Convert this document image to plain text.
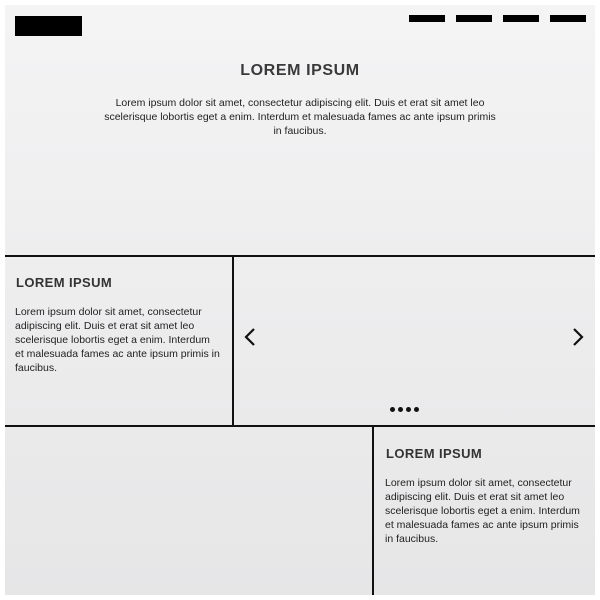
LOREM IPSUM

Lorem ipsum dolor sit amet, consectetur adipiscing elit. Duis et erat sit amet leo scelerisque lobortis eget a enim. Interdum et malesuada fames ac ante ipsum primis in faucibus.

LOREM IPSUM

Lorem ipsum dolor sit amet, consectetur adipiscing elit. Duis et erat sit amet leo scelerisque lobortis eget a enim. Interdum et malesuada fames ac ante ipsum primis in faucibus.

LOREM IPSUM

Lorem ipsum dolor sit amet, consectetur adipiscing elit. Duis et erat sit amet leo scelerisque lobortis eget a enim. Interdum et malesuada fames ac ante ipsum primis in faucibus.
